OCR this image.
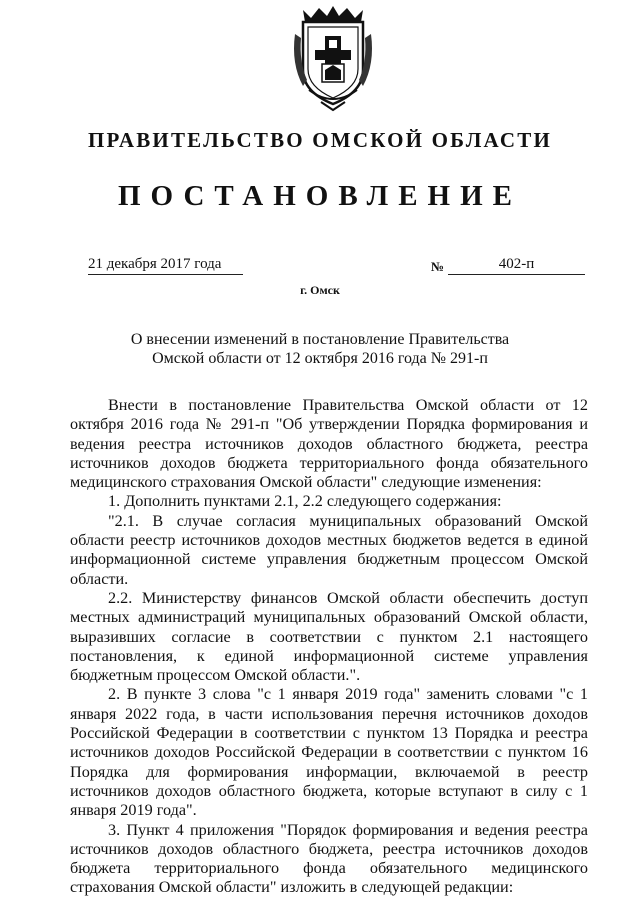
ПРАВИТЕЛЬСТВО ОМСКОЙ ОБЛАСТИ
ПОСТАНОВЛЕНИЕ
21 декабря 2017 года	№	402-п
г. Омск
О внесении изменений в постановление Правительства
Омской области от 12 октября 2016 года № 291-п

Внести в постановление Правительства Омской области от 12 октября 2016 года № 291-п "Об утверждении Порядка формирования и ведения реестра источников доходов областного бюджета, реестра источников доходов бюджета территориального фонда обязательного медицинского страхования Омской области" следующие изменения:

1. Дополнить пунктами 2.1, 2.2 следующего содержания:

"2.1. В случае согласия муниципальных образований Омской области реестр источников доходов местных бюджетов ведется в единой информационной системе управления бюджетным процессом Омской области.

2.2. Министерству финансов Омской области обеспечить доступ местных администраций муниципальных образований Омской области, выразивших согласие в соответствии с пунктом 2.1 настоящего постановления, к единой информационной системе управления бюджетным процессом Омской области.".

2. В пункте 3 слова "с 1 января 2019 года" заменить словами "с 1 января 2022 года, в части использования перечня источников доходов Российской Федерации в соответствии с пунктом 13 Порядка и реестра источников доходов Российской Федерации в соответствии с пунктом 16 Порядка для формирования информации, включаемой в реестр источников доходов областного бюджета, которые вступают в силу с 1 января 2019 года".

3. Пункт 4 приложения "Порядок формирования и ведения реестра источников доходов областного бюджета, реестра источников доходов бюджета территориального фонда обязательного медицинского страхования Омской области" изложить в следующей редакции:
